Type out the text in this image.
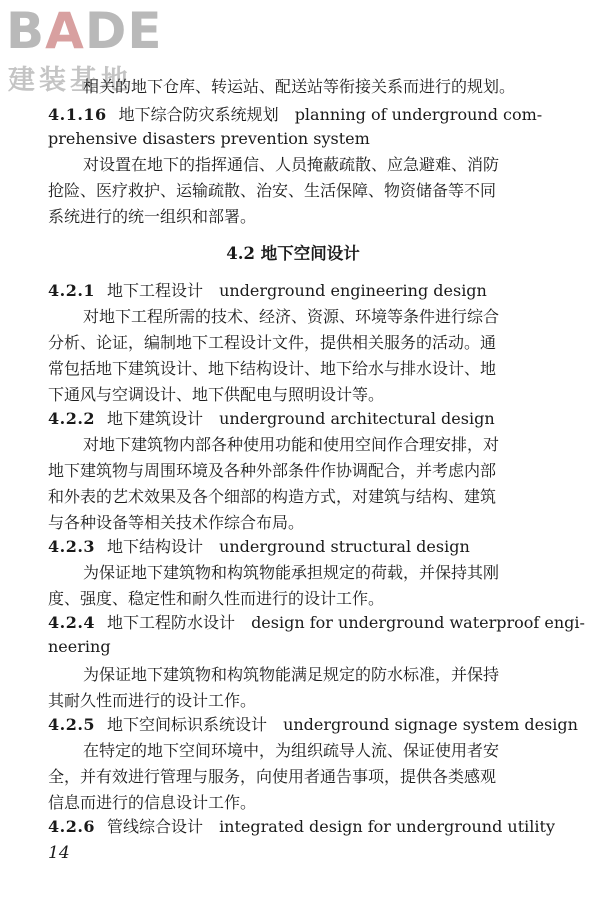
BADE
建装基地
相关的地下仓库、转运站、配送站等衔接关系而进行的规划。
4.1.16 地下综合防灾系统规划 planning of underground com-
prehensive disasters prevention system
对设置在地下的指挥通信、人员掩蔽疏散、应急避难、消防
抢险、医疗救护、运输疏散、治安、生活保障、物资储备等不同
系统进行的统一组织和部署。
4.2 地下空间设计
4.2.1 地下工程设计 underground engineering design
对地下工程所需的技术、经济、资源、环境等条件进行综合
分析、论证，编制地下工程设计文件，提供相关服务的活动。通
常包括地下建筑设计、地下结构设计、地下给水与排水设计、地
下通风与空调设计、地下供配电与照明设计等。
4.2.2 地下建筑设计 underground architectural design
对地下建筑物内部各种使用功能和使用空间作合理安排，对
地下建筑物与周围环境及各种外部条件作协调配合，并考虑内部
和外表的艺术效果及各个细部的构造方式，对建筑与结构、建筑
与各种设备等相关技术作综合布局。
4.2.3 地下结构设计 underground structural design
为保证地下建筑物和构筑物能承担规定的荷载，并保持其刚
度、强度、稳定性和耐久性而进行的设计工作。
4.2.4 地下工程防水设计 design for underground waterproof engi-
neering
为保证地下建筑物和构筑物能满足规定的防水标准，并保持
其耐久性而进行的设计工作。
4.2.5 地下空间标识系统设计 underground signage system design
在特定的地下空间环境中，为组织疏导人流、保证使用者安
全，并有效进行管理与服务，向使用者通告事项，提供各类感观
信息而进行的信息设计工作。
4.2.6 管线综合设计 integrated design for underground utility
14
